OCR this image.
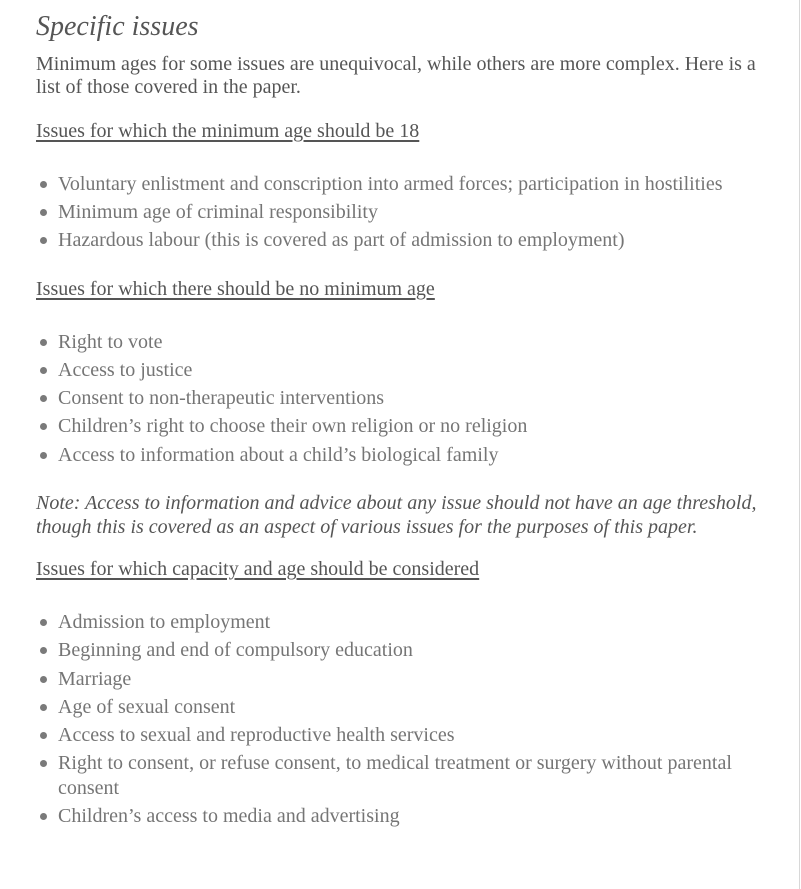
Specific issues

Minimum ages for some issues are unequivocal, while others are more complex. Here is a list of those covered in the paper.

Issues for which the minimum age should be 18
Voluntary enlistment and conscription into armed forces; participation in hostilities
Minimum age of criminal responsibility
Hazardous labour (this is covered as part of admission to employment)
Issues for which there should be no minimum age
Right to vote
Access to justice
Consent to non-therapeutic interventions
Children’s right to choose their own religion or no religion
Access to information about a child’s biological family

Note: Access to information and advice about any issue should not have an age threshold, though this is covered as an aspect of various issues for the purposes of this paper.

Issues for which capacity and age should be considered
Admission to employment
Beginning and end of compulsory education
Marriage
Age of sexual consent
Access to sexual and reproductive health services
Right to consent, or refuse consent, to medical treatment or surgery without parental consent
Children’s access to media and advertising
